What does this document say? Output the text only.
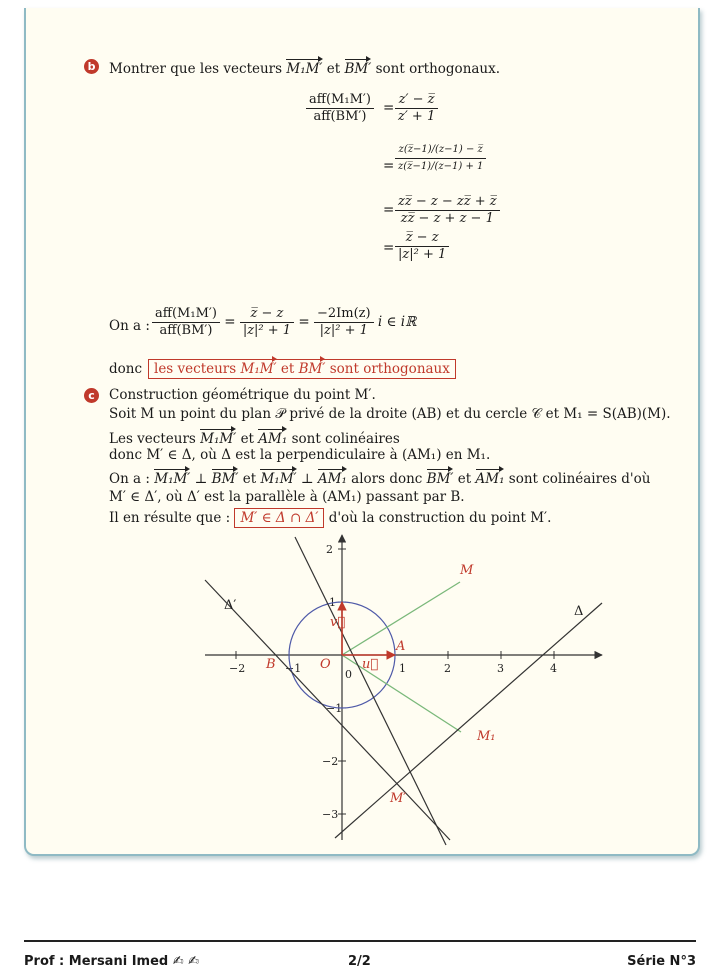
b Montrer que les vecteurs M₁M′ et BM′ sont orthogonaux.
$\frac{\text{aff(M₁M′)}}{\text{aff(BM′)}} = \frac{z' - z̅}{z' + 1}$
= $\frac{z(z̅-1)/(z-1) - z̅}{z(z̅-1)/(z-1) + 1}$
= $\frac{zz̅ - z - zz̅ + z̅}{zz̅ - z + z - 1}$
= $\frac{z̅ - z}{\text{|z|² + 1}}$
On a : $\frac{\text{aff(M₁M′)}}{\text{aff(BM′)}} = \frac{z̅ - z}{\text{|z|² + 1}} = \frac{-2Im(z)}{\text{|z|² + 1}}$ i ∈ iℝ
donc les vecteurs M₁M′ et BM′ sont orthogonaux
c	Construction géométrique du point M′.
Soit M un point du plan 𝒫 privé de la droite (AB) et du cercle 𝒞 et M₁ = S(AB)(M).
Les vecteurs M₁M′ et AM₁ sont colinéaires
donc M′ ∈ Δ, où Δ est la perpendiculaire à (AM₁) en M₁.
On a : M₁M′ ⊥ BM′ et M₁M′ ⊥ AM₁ alors donc BM′ et AM₁ sont colinéaires d'où
M′ ∈ Δ′, où Δ′ est la parallèle à (AM₁) passant par B.
Il en résulte que : M′ ∈ Δ ∩ Δ′ d'où la construction du point M′.
−2	−1	1	2	3	4
2
1
−1
−2
−3
0
O
A
B
M
M₁
M′
u⃗
v⃗
Δ
Δ′
Prof : Mersani Imed ✍ ✍	2/2	Série N°3
